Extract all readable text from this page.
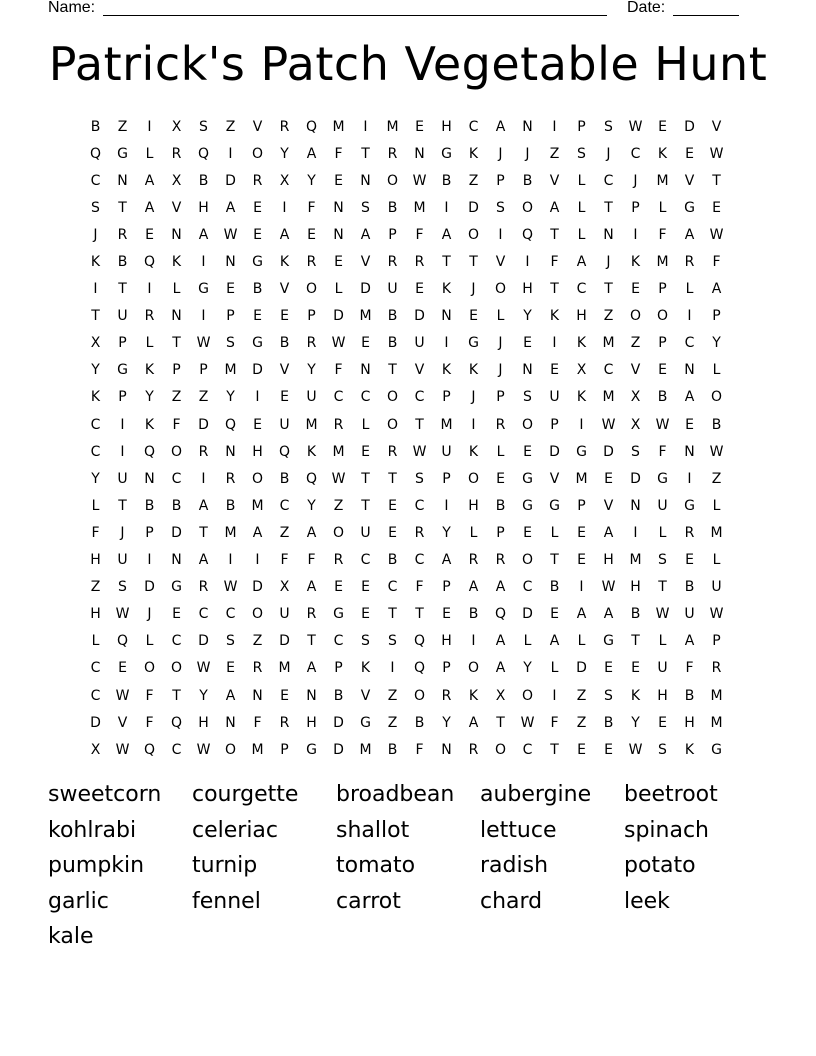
Name:	Date:
Patrick's Patch Vegetable Hunt
B	Z	I	X	S	Z	V	R	Q	M	I	M	E	H	C	A	N	I	P	S	W	E	D	V
Q	G	L	R	Q	I	O	Y	A	F	T	R	N	G	K	J	J	Z	S	J	C	K	E	W
C	N	A	X	B	D	R	X	Y	E	N	O	W	B	Z	P	B	V	L	C	J	M	V	T
S	T	A	V	H	A	E	I	F	N	S	B	M	I	D	S	O	A	L	T	P	L	G	E
J	R	E	N	A	W	E	A	E	N	A	P	F	A	O	I	Q	T	L	N	I	F	A	W
K	B	Q	K	I	N	G	K	R	E	V	R	R	T	T	V	I	F	A	J	K	M	R	F
I	T	I	L	G	E	B	V	O	L	D	U	E	K	J	O	H	T	C	T	E	P	L	A
T	U	R	N	I	P	E	E	P	D	M	B	D	N	E	L	Y	K	H	Z	O	O	I	P
X	P	L	T	W	S	G	B	R	W	E	B	U	I	G	J	E	I	K	M	Z	P	C	Y
Y	G	K	P	P	M	D	V	Y	F	N	T	V	K	K	J	N	E	X	C	V	E	N	L
K	P	Y	Z	Z	Y	I	E	U	C	C	O	C	P	J	P	S	U	K	M	X	B	A	O
C	I	K	F	D	Q	E	U	M	R	L	O	T	M	I	R	O	P	I	W	X	W	E	B
C	I	Q	O	R	N	H	Q	K	M	E	R	W	U	K	L	E	D	G	D	S	F	N	W
Y	U	N	C	I	R	O	B	Q	W	T	T	S	P	O	E	G	V	M	E	D	G	I	Z
L	T	B	B	A	B	M	C	Y	Z	T	E	C	I	H	B	G	G	P	V	N	U	G	L
F	J	P	D	T	M	A	Z	A	O	U	E	R	Y	L	P	E	L	E	A	I	L	R	M
H	U	I	N	A	I	I	F	F	R	C	B	C	A	R	R	O	T	E	H	M	S	E	L
Z	S	D	G	R	W	D	X	A	E	E	C	F	P	A	A	C	B	I	W	H	T	B	U
H	W	J	E	C	C	O	U	R	G	E	T	T	E	B	Q	D	E	A	A	B	W	U	W
L	Q	L	C	D	S	Z	D	T	C	S	S	Q	H	I	A	L	A	L	G	T	L	A	P
C	E	O	O	W	E	R	M	A	P	K	I	Q	P	O	A	Y	L	D	E	E	U	F	R
C	W	F	T	Y	A	N	E	N	B	V	Z	O	R	K	X	O	I	Z	S	K	H	B	M
D	V	F	Q	H	N	F	R	H	D	G	Z	B	Y	A	T	W	F	Z	B	Y	E	H	M
X	W	Q	C	W	O	M	P	G	D	M	B	F	N	R	O	C	T	E	E	W	S	K	G
sweetcorn	courgette	broadbean	aubergine	beetroot
kohlrabi	celeriac	shallot	lettuce	spinach
pumpkin	turnip	tomato	radish	potato
garlic	fennel	carrot	chard	leek
kale
